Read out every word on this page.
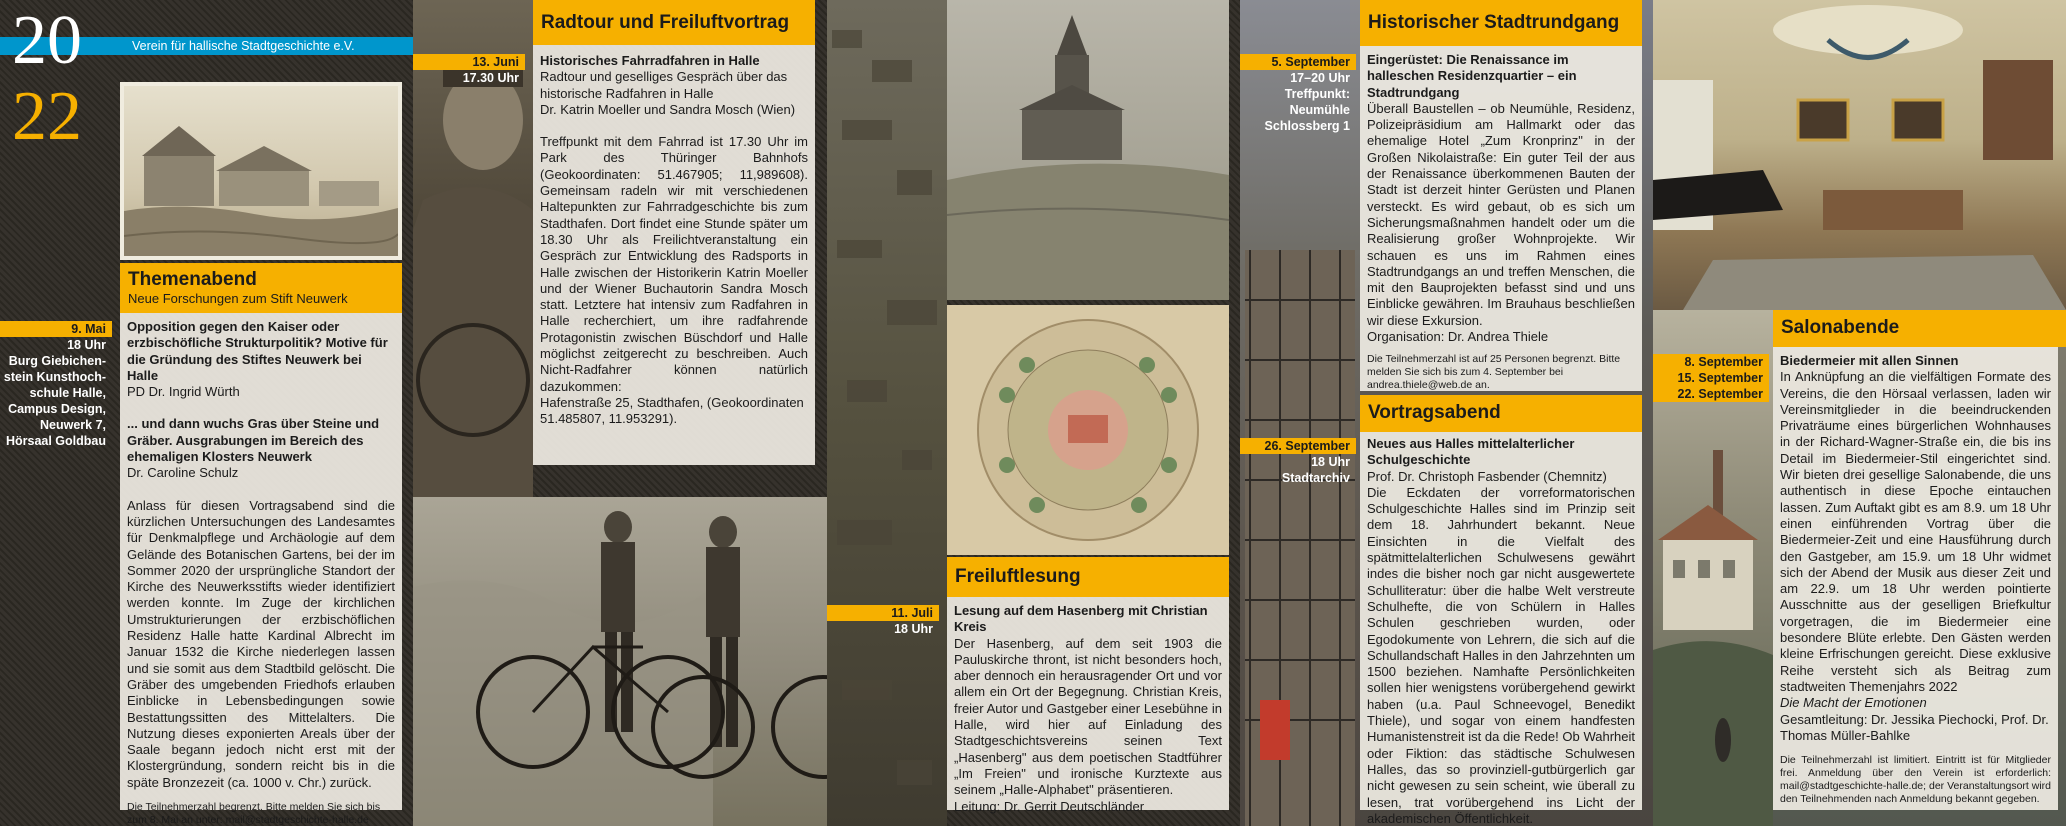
20
22
Verein für hallische Stadtgeschichte e.V.
Themenabend
Neue Forschungen zum Stift Neuwerk
9. Mai
18 Uhr
Burg Giebichen-
stein Kunsthoch-
schule Halle,
Campus Design,
Neuwerk 7,
Hörsaal Goldbau
Opposition gegen den Kaiser oder erzbischöfliche Strukturpolitik? Motive für die Gründung des Stiftes Neuwerk bei Halle
PD Dr. Ingrid Würth
... und dann wuchs Gras über Steine und Gräber. Ausgrabungen im Bereich des ehemaligen Klosters Neuwerk
Dr. Caroline Schulz
Anlass für diesen Vortragsabend sind die kürzlichen Untersuchungen des Landesamtes für Denkmalpflege und Archäologie auf dem Gelände des Botanischen Gartens, bei der im Sommer 2020 der ursprüngliche Standort der Kirche des Neuwerksstifts wieder identifiziert werden konnte. Im Zuge der kirchlichen Umstrukturierungen der erzbischöflichen Residenz Halle hatte Kardinal Albrecht im Januar 1532 die Kirche niederlegen lassen und sie somit aus dem Stadtbild gelöscht. Die Gräber des umgebenden Friedhofs erlauben Einblicke in Lebensbedingungen sowie Bestattungssitten des Mittelalters. Die Nutzung dieses exponierten Areals über der Saale begann jedoch nicht erst mit der Klostergründung, sondern reicht bis in die späte Bronzezeit (ca. 1000 v. Chr.) zurück.
Die Teilnehmerzahl begrenzt. Bitte melden Sie sich bis zum 8. Mai an unter: mail@stadtgeschichte-halle.de
Radtour und Freiluftvortrag
13. Juni
17.30 Uhr
Historisches Fahrradfahren in Halle
Radtour und geselliges Gespräch über das historische Radfahren in Halle
Dr. Katrin Moeller und Sandra Mosch (Wien)
Treffpunkt mit dem Fahrrad ist 17.30 Uhr im Park des Thüringer Bahnhofs (Geokoordinaten: 51.467905; 11,989608). Gemeinsam radeln wir mit verschiedenen Haltepunkten zur Fahrradgeschichte bis zum Stadthafen. Dort findet eine Stunde später um 18.30 Uhr als Freilichtveranstaltung ein Gespräch zur Entwicklung des Radsports in Halle zwischen der Historikerin Katrin Moeller und der Wiener Buchautorin Sandra Mosch statt. Letztere hat intensiv zum Radfahren in Halle recherchiert, um ihre radfahrende Protagonistin zwischen Büschdorf und Halle möglichst zeitgerecht zu beschreiben. Auch Nicht-Radfahrer können natürlich dazukommen:
Hafenstraße 25, Stadthafen, (Geokoordinaten 51.485807, 11.953291).
Freiluftlesung
11. Juli
18 Uhr
Lesung auf dem Hasenberg mit Christian Kreis
Der Hasenberg, auf dem seit 1903 die Pauluskirche thront, ist nicht besonders hoch, aber dennoch ein herausragender Ort und vor allem ein Ort der Begegnung. Christian Kreis, freier Autor und Gastgeber einer Lesebühne in Halle, wird hier auf Einladung des Stadtgeschichtsvereins seinen Text „Hasenberg" aus dem poetischen Stadtführer „Im Freien" und ironische Kurztexte aus seinem „Halle-Alphabet" präsentieren.
Leitung: Dr. Gerrit Deutschländer
Historischer Stadtrundgang
5. September
17–20 Uhr
Treffpunkt:
Neumühle
Schlossberg 1
Eingerüstet: Die Renaissance im halleschen Residenzquartier – ein Stadtrundgang
Überall Baustellen – ob Neumühle, Residenz, Polizeipräsidium am Hallmarkt oder das ehemalige Hotel „Zum Kronprinz" in der Großen Nikolaistraße: Ein guter Teil der aus der Renaissance überkommenen Bauten der Stadt ist derzeit hinter Gerüsten und Planen versteckt. Es wird gebaut, ob es sich um Sicherungsmaßnahmen handelt oder um die Realisierung großer Wohnprojekte. Wir schauen es uns im Rahmen eines Stadtrundgangs an und treffen Menschen, die mit den Bauprojekten befasst sind und uns Einblicke gewähren. Im Brauhaus beschließen wir diese Exkursion.
Organisation: Dr. Andrea Thiele
Die Teilnehmerzahl ist auf 25 Personen begrenzt. Bitte melden Sie sich bis zum 4. September bei andrea.thiele@web.de an.
Vortragsabend
26. September
18 Uhr
Stadtarchiv
Neues aus Halles mittelalterlicher Schulgeschichte
Prof. Dr. Christoph Fasbender (Chemnitz)
Die Eckdaten der vorreformatorischen Schulgeschichte Halles sind im Prinzip seit dem 18. Jahrhundert bekannt. Neue Einsichten in die Vielfalt des spätmittelalterlichen Schulwesens gewährt indes die bisher noch gar nicht ausgewertete Schulliteratur: über die halbe Welt verstreute Schulhefte, die von Schülern in Halles Schulen geschrieben wurden, oder Egodokumente von Lehrern, die sich auf die Schullandschaft Halles in den Jahrzehnten um 1500 beziehen. Namhafte Persönlichkeiten sollen hier wenigstens vorübergehend gewirkt haben (u.a. Paul Schneevogel, Benedikt Thiele), und sogar von einem handfesten Humanistenstreit ist da die Rede! Ob Wahrheit oder Fiktion: das städtische Schulwesen Halles, das so provinziell-gutbürgerlich gar nicht gewesen zu sein scheint, wie überall zu lesen, trat vorübergehend ins Licht der akademischen Öffentlichkeit.
Salonabende
8. September
15. September
22. September
Biedermeier mit allen Sinnen
In Anknüpfung an die vielfältigen Formate des Vereins, die den Hörsaal verlassen, laden wir Vereinsmitglieder in die beeindruckenden Privaträume eines bürgerlichen Wohnhauses in der Richard-Wagner-Straße ein, die bis ins Detail im Biedermeier-Stil eingerichtet sind. Wir bieten drei gesellige Salonabende, die uns authentisch in diese Epoche eintauchen lassen. Zum Auftakt gibt es am 8.9. um 18 Uhr einen einführenden Vortrag über die Biedermeier-Zeit und eine Hausführung durch den Gastgeber, am 15.9. um 18 Uhr widmet sich der Abend der Musik aus dieser Zeit und am 22.9. um 18 Uhr werden pointierte Ausschnitte aus der geselligen Briefkultur vorgetragen, die im Biedermeier eine besondere Blüte erlebte. Den Gästen werden kleine Erfrischungen gereicht. Diese exklusive Reihe versteht sich als Beitrag zum stadtweiten Themenjahrs 2022
Die Macht der Emotionen
Gesamtleitung: Dr. Jessika Piechocki, Prof. Dr. Thomas Müller-Bahlke
Die Teilnehmerzahl ist limitiert. Eintritt ist für Mitglieder frei. Anmeldung über den Verein ist erforderlich: mail@stadtgeschichte-halle.de; der Veranstaltungsort wird den Teilnehmenden nach Anmeldung bekannt gegeben.
